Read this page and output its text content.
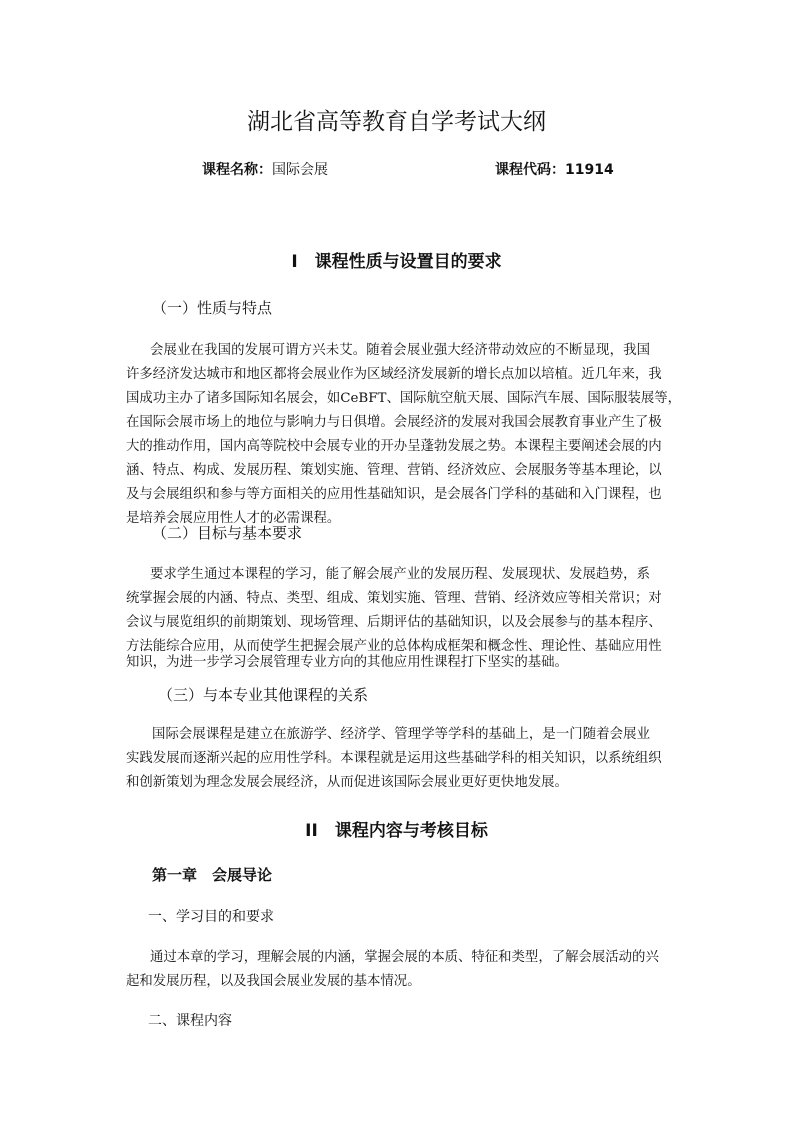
湖北省高等教育自学考试大纲
课程名称：国际会展	课程代码：11914
I　课程性质与设置目的要求
（一）性质与特点
会展业在我国的发展可谓方兴未艾。随着会展业强大经济带动效应的不断显现，我国
许多经济发达城市和地区都将会展业作为区域经济发展新的增长点加以培植。近几年来，我
国成功主办了诸多国际知名展会，如CeBFT、国际航空航天展、国际汽车展、国际服装展等，
在国际会展市场上的地位与影响力与日俱增。会展经济的发展对我国会展教育事业产生了极
大的推动作用，国内高等院校中会展专业的开办呈蓬勃发展之势。本课程主要阐述会展的内
涵、特点、构成、发展历程、策划实施、管理、营销、经济效应、会展服务等基本理论，以
及与会展组织和参与等方面相关的应用性基础知识，是会展各门学科的基础和入门课程，也
是培养会展应用性人才的必需课程。
（二）目标与基本要求
要求学生通过本课程的学习，能了解会展产业的发展历程、发展现状、发展趋势，系
统掌握会展的内涵、特点、类型、组成、策划实施、管理、营销、经济效应等相关常识；对
会议与展览组织的前期策划、现场管理、后期评估的基础知识，以及会展参与的基本程序、
方法能综合应用，从而使学生把握会展产业的总体构成框架和概念性、理论性、基础应用性
知识，为进一步学习会展管理专业方向的其他应用性课程打下坚实的基础。
（三）与本专业其他课程的关系
国际会展课程是建立在旅游学、经济学、管理学等学科的基础上，是一门随着会展业
实践发展而逐渐兴起的应用性学科。本课程就是运用这些基础学科的相关知识，以系统组织
和创新策划为理念发展会展经济，从而促进该国际会展业更好更快地发展。
II　课程内容与考核目标
第一章　会展导论
一、学习目的和要求
通过本章的学习，理解会展的内涵，掌握会展的本质、特征和类型，了解会展活动的兴
起和发展历程，以及我国会展业发展的基本情况。
二、课程内容
